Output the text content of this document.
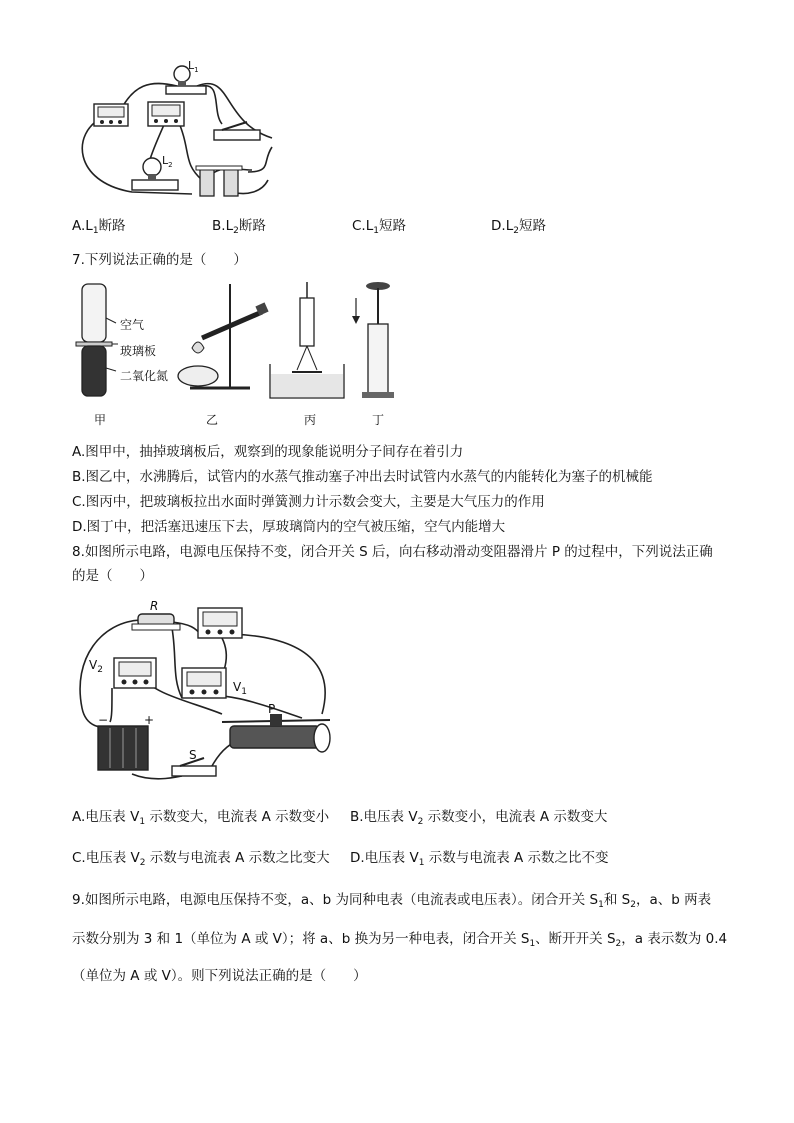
$L_1$
$L_2$
$A.L_1$断路	$B.L_2$断路	$C.L_1$短路	$D.L_2$短路
7.下列说法正确的是（　　）
空气
玻璃板
二氧化氮
甲	乙	丙	丁
A.图甲中，抽掉玻璃板后，观察到的现象能说明分子间存在着引力
B.图乙中，水沸腾后，试管内的水蒸气推动塞子冲出去时试管内水蒸气的内能转化为塞子的机械能
C.图丙中，把玻璃板拉出水面时弹簧测力计示数会变大，主要是大气压力的作用
D.图丁中，把活塞迅速压下去，厚玻璃筒内的空气被压缩，空气内能增大
8.如图所示电路，电源电压保持不变，闭合开关 S 后，向右移动滑动变阻器滑片 P 的过程中，下列说法正确
的是（　　）
−	+
R
$V_2$
$V_1$
P
S
A.电压表 $V_1$ 示数变大，电流表 A 示数变小 B.电压表 $V_2$ 示数变小，电流表 A 示数变大
C.电压表 $V_2$ 示数与电流表 A 示数之比变大 D.电压表 $V_1$ 示数与电流表 A 示数之比不变
9.如图所示电路，电源电压保持不变，a、b 为同种电表（电流表或电压表）。闭合开关 $S_1$和 $S_2$，a、b 两表
示数分别为 3 和 1（单位为 A 或 V）；将 a、b 换为另一种电表，闭合开关 $S_1$、断开开关 $S_2$，a 表示数为 0.4
（单位为 A 或 V）。则下列说法正确的是（　　）
